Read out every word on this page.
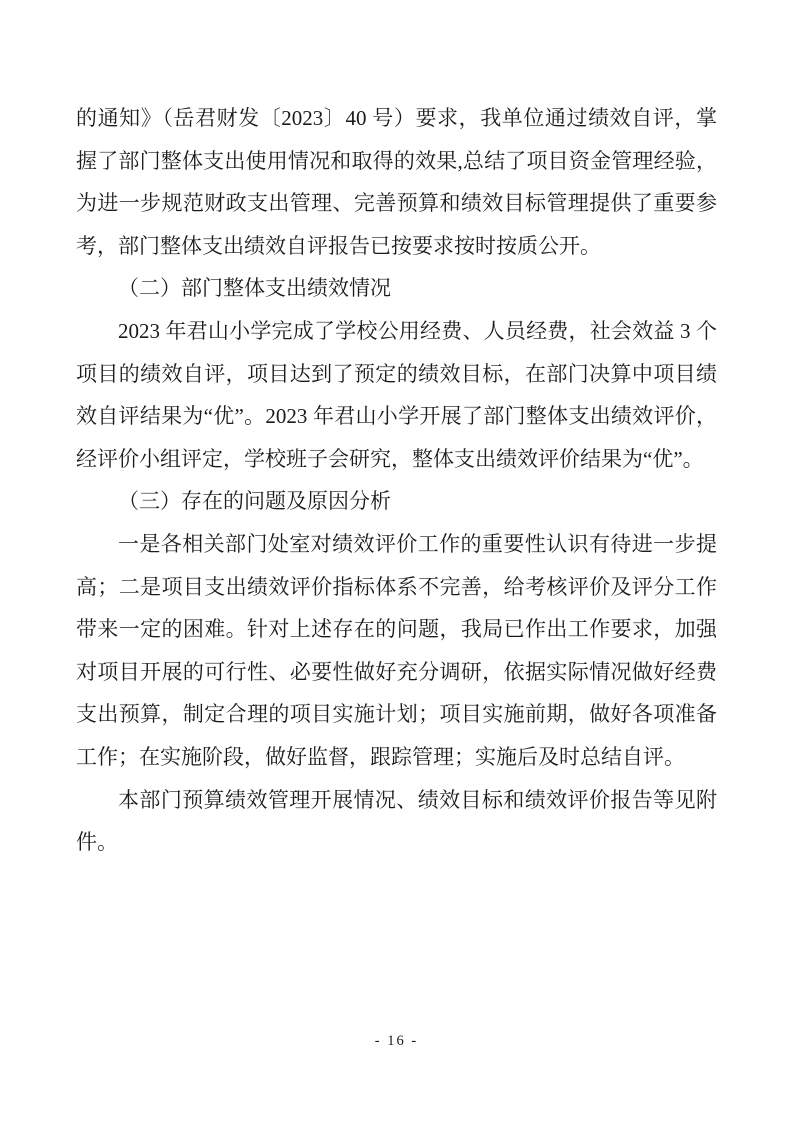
的通知》（岳君财发〔2023〕40 号）要求，我单位通过绩效自评，掌握了部门整体支出使用情况和取得的效果,总结了项目资金管理经验，为进一步规范财政支出管理、完善预算和绩效目标管理提供了重要参考，部门整体支出绩效自评报告已按要求按时按质公开。

（二）部门整体支出绩效情况

2023 年君山小学完成了学校公用经费、人员经费，社会效益 3 个项目的绩效自评，项目达到了预定的绩效目标，在部门决算中项目绩效自评结果为“优”。2023 年君山小学开展了部门整体支出绩效评价，经评价小组评定，学校班子会研究，整体支出绩效评价结果为“优”。

（三）存在的问题及原因分析

一是各相关部门处室对绩效评价工作的重要性认识有待进一步提高；二是项目支出绩效评价指标体系不完善，给考核评价及评分工作带来一定的困难。针对上述存在的问题，我局已作出工作要求，加强对项目开展的可行性、必要性做好充分调研，依据实际情况做好经费支出预算，制定合理的项目实施计划；项目实施前期，做好各项准备工作；在实施阶段，做好监督，跟踪管理；实施后及时总结自评。

本部门预算绩效管理开展情况、绩效目标和绩效评价报告等见附件。

- 16 -
